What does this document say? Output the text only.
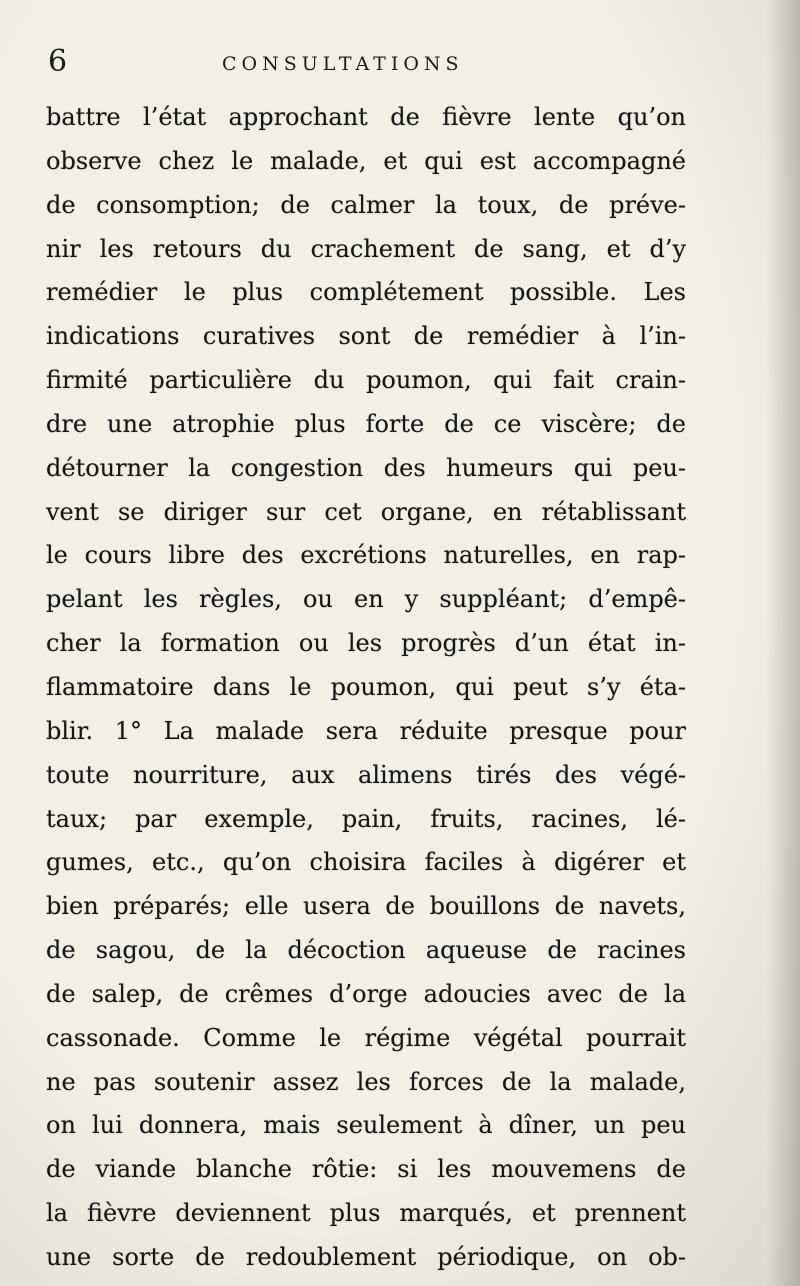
6	CONSULTATIONS
battre l’état approchant de fièvre lente qu’on
observe chez le malade, et qui est accompagné
de consomption; de calmer la toux, de préve-
nir les retours du crachement de sang, et d’y
remédier le plus complétement possible. Les
indications curatives sont de remédier à l’in-
firmité particulière du poumon, qui fait crain-
dre une atrophie plus forte de ce viscère; de
détourner la congestion des humeurs qui peu-
vent se diriger sur cet organe, en rétablissant
le cours libre des excrétions naturelles, en rap-
pelant les règles, ou en y suppléant; d’empê-
cher la formation ou les progrès d’un état in-
flammatoire dans le poumon, qui peut s’y éta-
blir. 1° La malade sera réduite presque pour
toute nourriture, aux alimens tirés des végé-
taux; par exemple, pain, fruits, racines, lé-
gumes, etc., qu’on choisira faciles à digérer et
bien préparés; elle usera de bouillons de navets,
de sagou, de la décoction aqueuse de racines
de salep, de crêmes d’orge adoucies avec de la
cassonade. Comme le régime végétal pourrait
ne pas soutenir assez les forces de la malade,
on lui donnera, mais seulement à dîner, un peu
de viande blanche rôtie: si les mouvemens de
la fièvre deviennent plus marqués, et prennent
une sorte de redoublement périodique, on ob-
